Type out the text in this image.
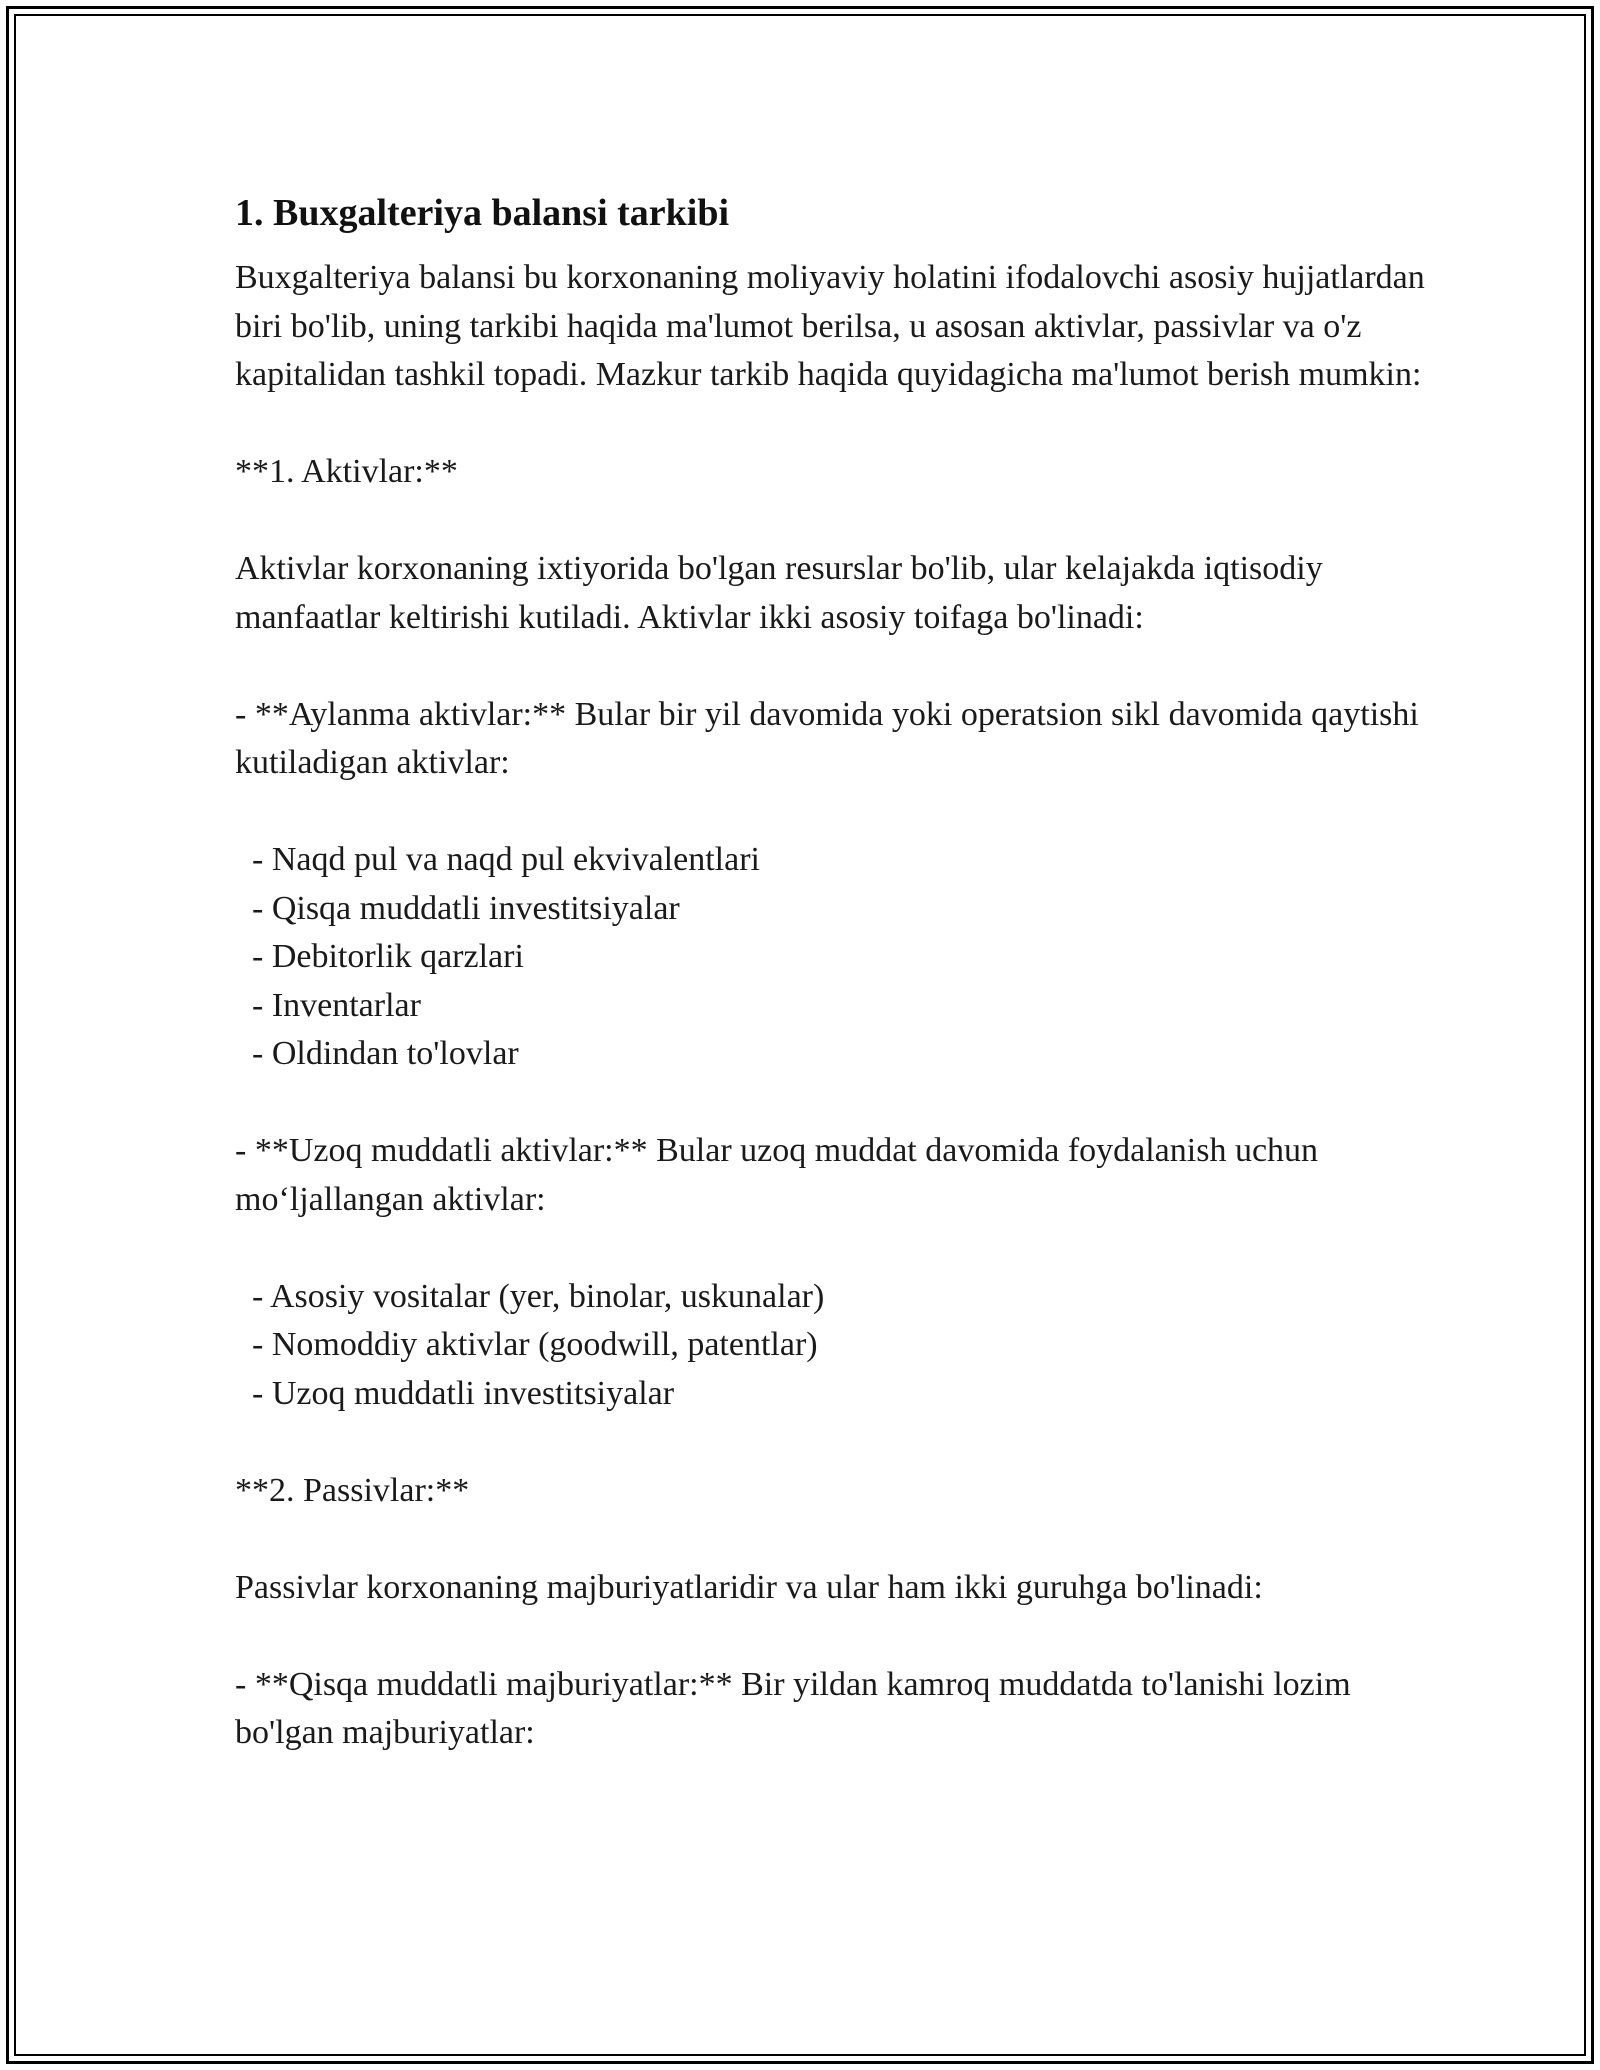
1. Buxgalteriya balansi tarkibi

Buxgalteriya balansi bu korxonaning moliyaviy holatini ifodalovchi asosiy hujjatlardan biri bo'lib, uning tarkibi haqida ma'lumot berilsa, u asosan aktivlar, passivlar va o'z kapitalidan tashkil topadi. Mazkur tarkib haqida quyidagicha ma'lumot berish mumkin:

**1. Aktivlar:**

Aktivlar korxonaning ixtiyorida bo'lgan resurslar bo'lib, ular kelajakda iqtisodiy manfaatlar keltirishi kutiladi. Aktivlar ikki asosiy toifaga bo'linadi:

- **Aylanma aktivlar:** Bular bir yil davomida yoki operatsion sikl davomida qaytishi kutiladigan aktivlar:

- Naqd pul va naqd pul ekvivalentlari
- Qisqa muddatli investitsiyalar
- Debitorlik qarzlari
- Inventarlar
- Oldindan to'lovlar

- **Uzoq muddatli aktivlar:** Bular uzoq muddat davomida foydalanish uchun mo‘ljallangan aktivlar:

- Asosiy vositalar (yer, binolar, uskunalar)
- Nomoddiy aktivlar (goodwill, patentlar)
- Uzoq muddatli investitsiyalar

**2. Passivlar:**

Passivlar korxonaning majburiyatlaridir va ular ham ikki guruhga bo'linadi:

- **Qisqa muddatli majburiyatlar:** Bir yildan kamroq muddatda to'lanishi lozim bo'lgan majburiyatlar:
